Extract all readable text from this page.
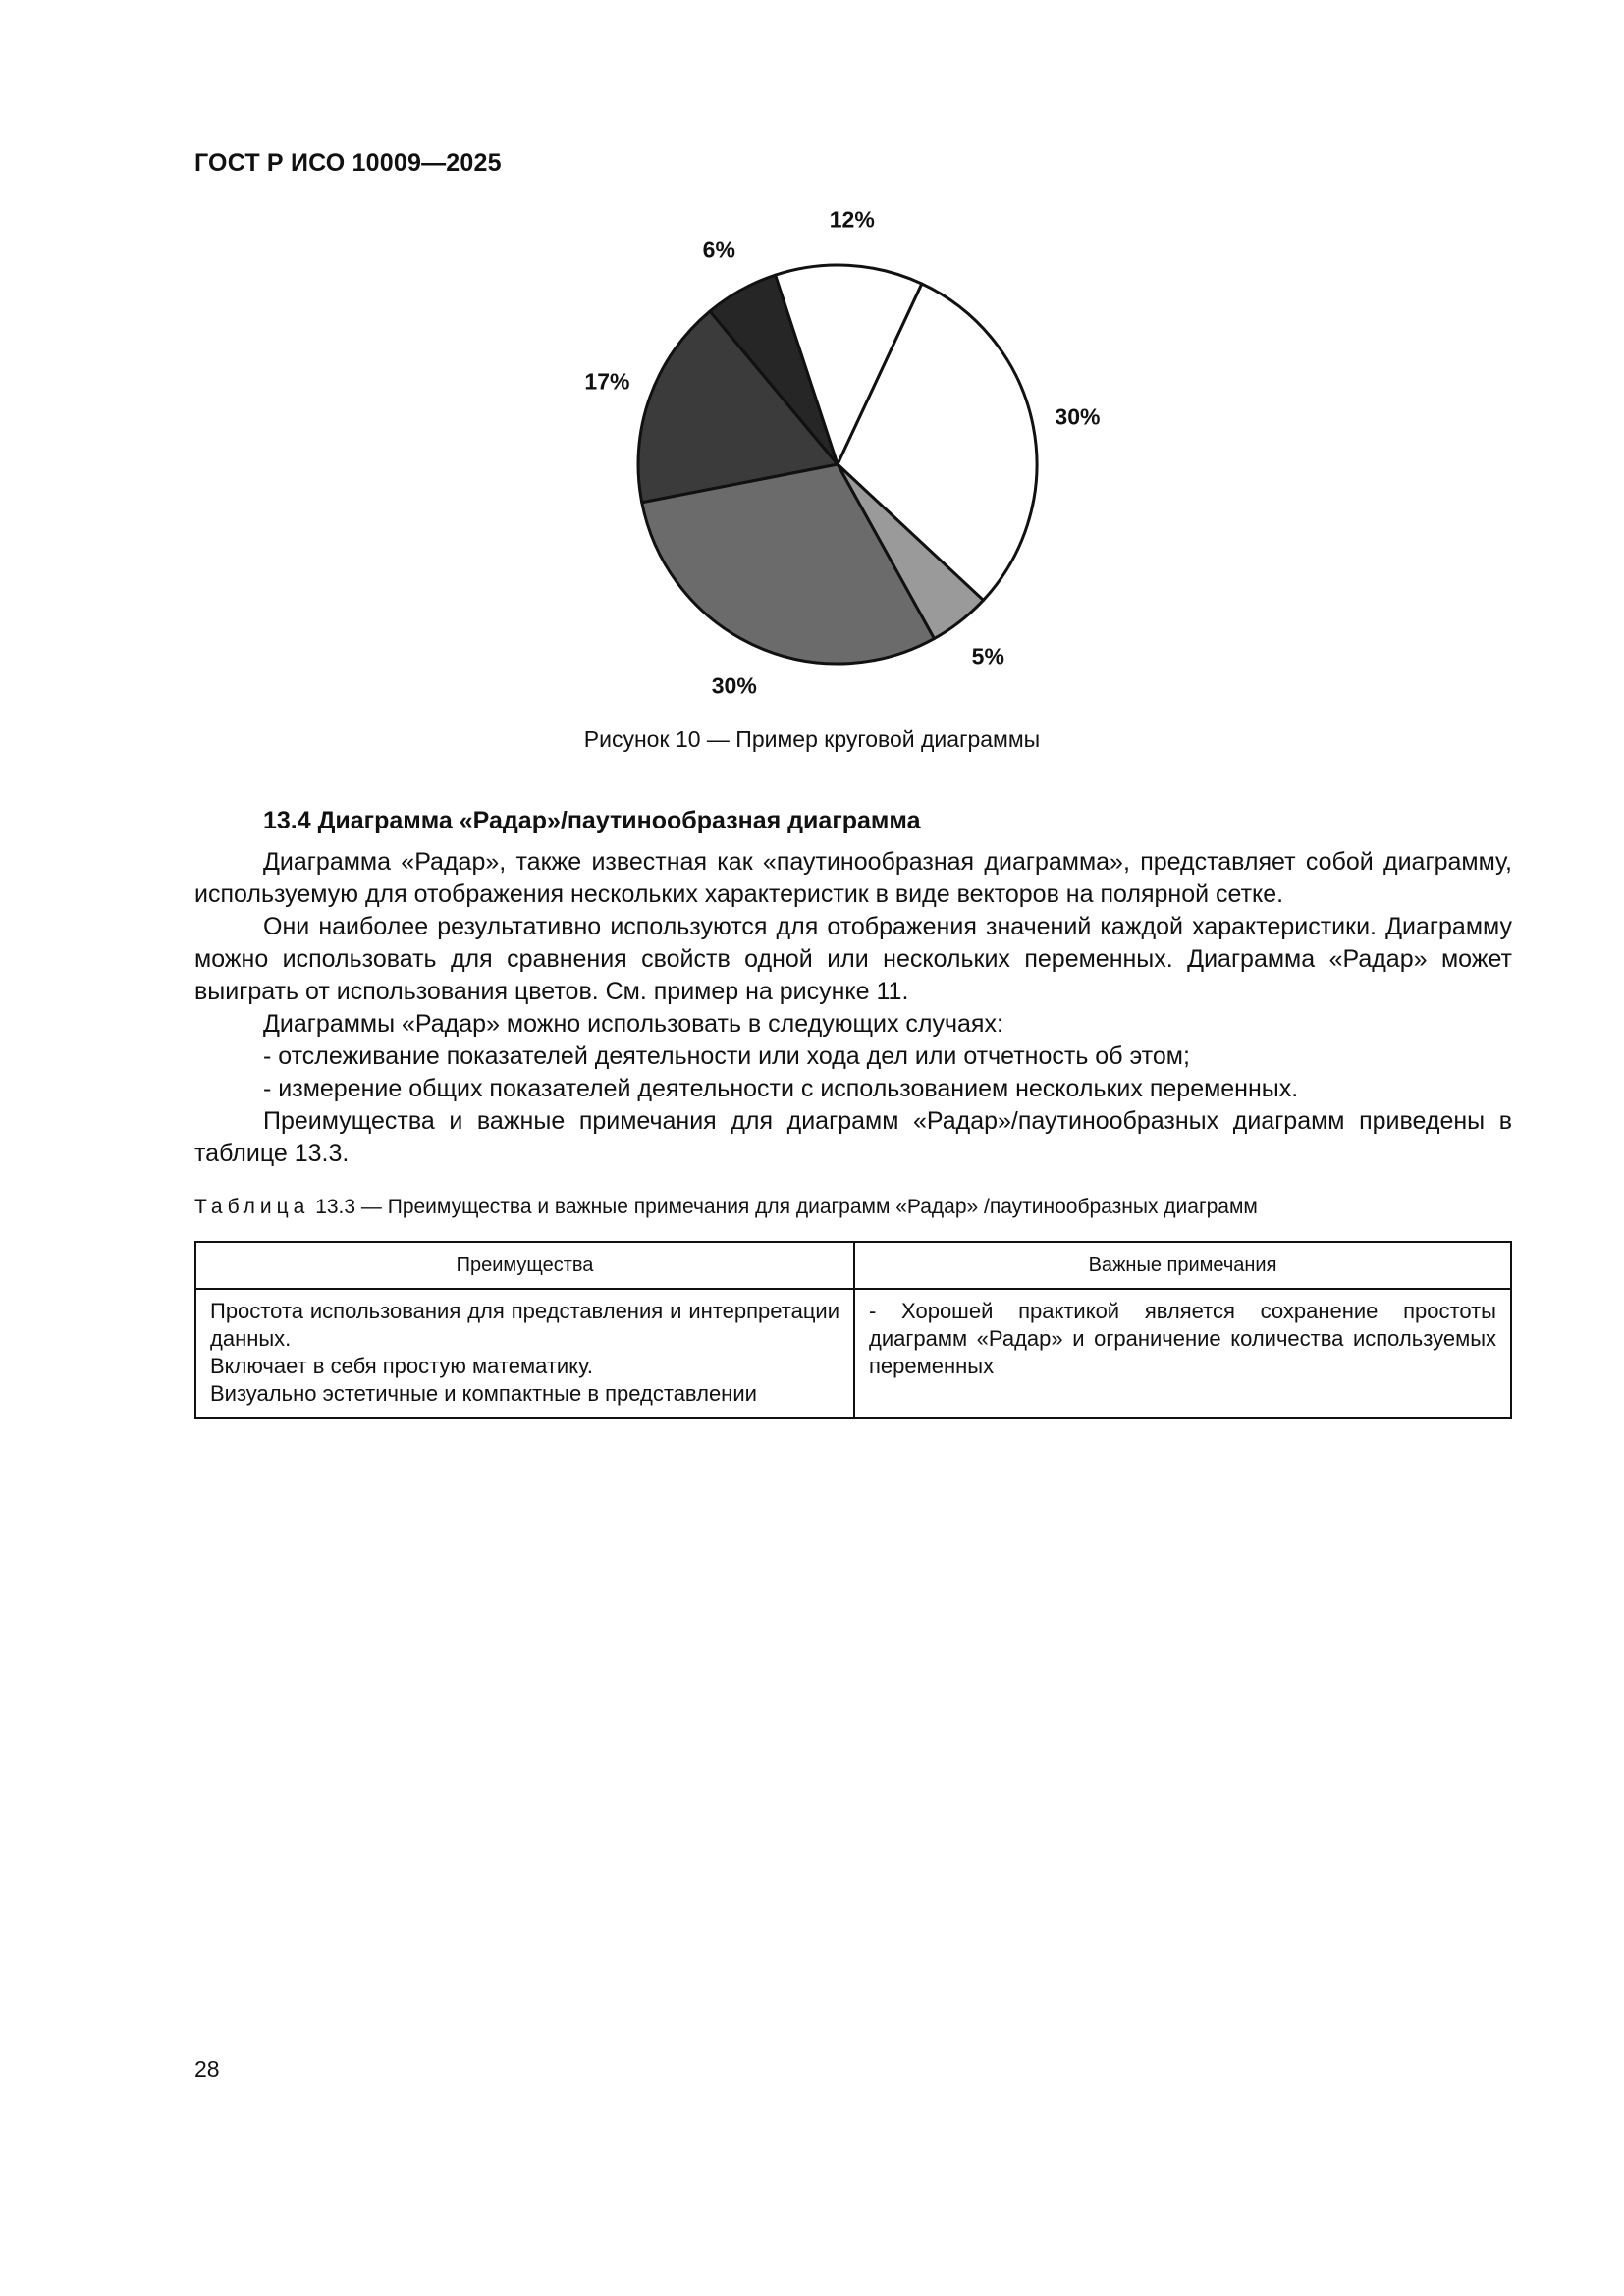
ГОСТ Р ИСО 10009—2025
30%
5%
30%
17%
6%
12%
Рисунок 10 — Пример круговой диаграммы
13.4 Диаграмма «Радар»/паутинообразная диаграмма

Диаграмма «Радар», также известная как «паутинообразная диаграмма», представляет собой диаграмму, используемую для отображения нескольких характеристик в виде векторов на полярной сетке.

Они наиболее результативно используются для отображения значений каждой характеристики. Диаграмму можно использовать для сравнения свойств одной или нескольких переменных. Диаграмма «Радар» может выиграть от использования цветов. См. пример на рисунке 11.

Диаграммы «Радар» можно использовать в следующих случаях:

- отслеживание показателей деятельности или хода дел или отчетность об этом;

- измерение общих показателей деятельности с использованием нескольких переменных.

Преимущества и важные примечания для диаграмм «Радар»/паутинообразных диаграмм приведены в таблице 13.3.

Таблица 13.3 — Преимущества и важные примечания для диаграмм «Радар» /паутинообразных диаграмм
Преимущества	Важные примечания

Простота использования для представления и интерпретации данных.
Включает в себя простую математику.
Визуально эстетичные и компактные в представлении	- Хорошей практикой является сохранение простоты диаграмм «Радар» и ограничение количества используемых переменных
28
